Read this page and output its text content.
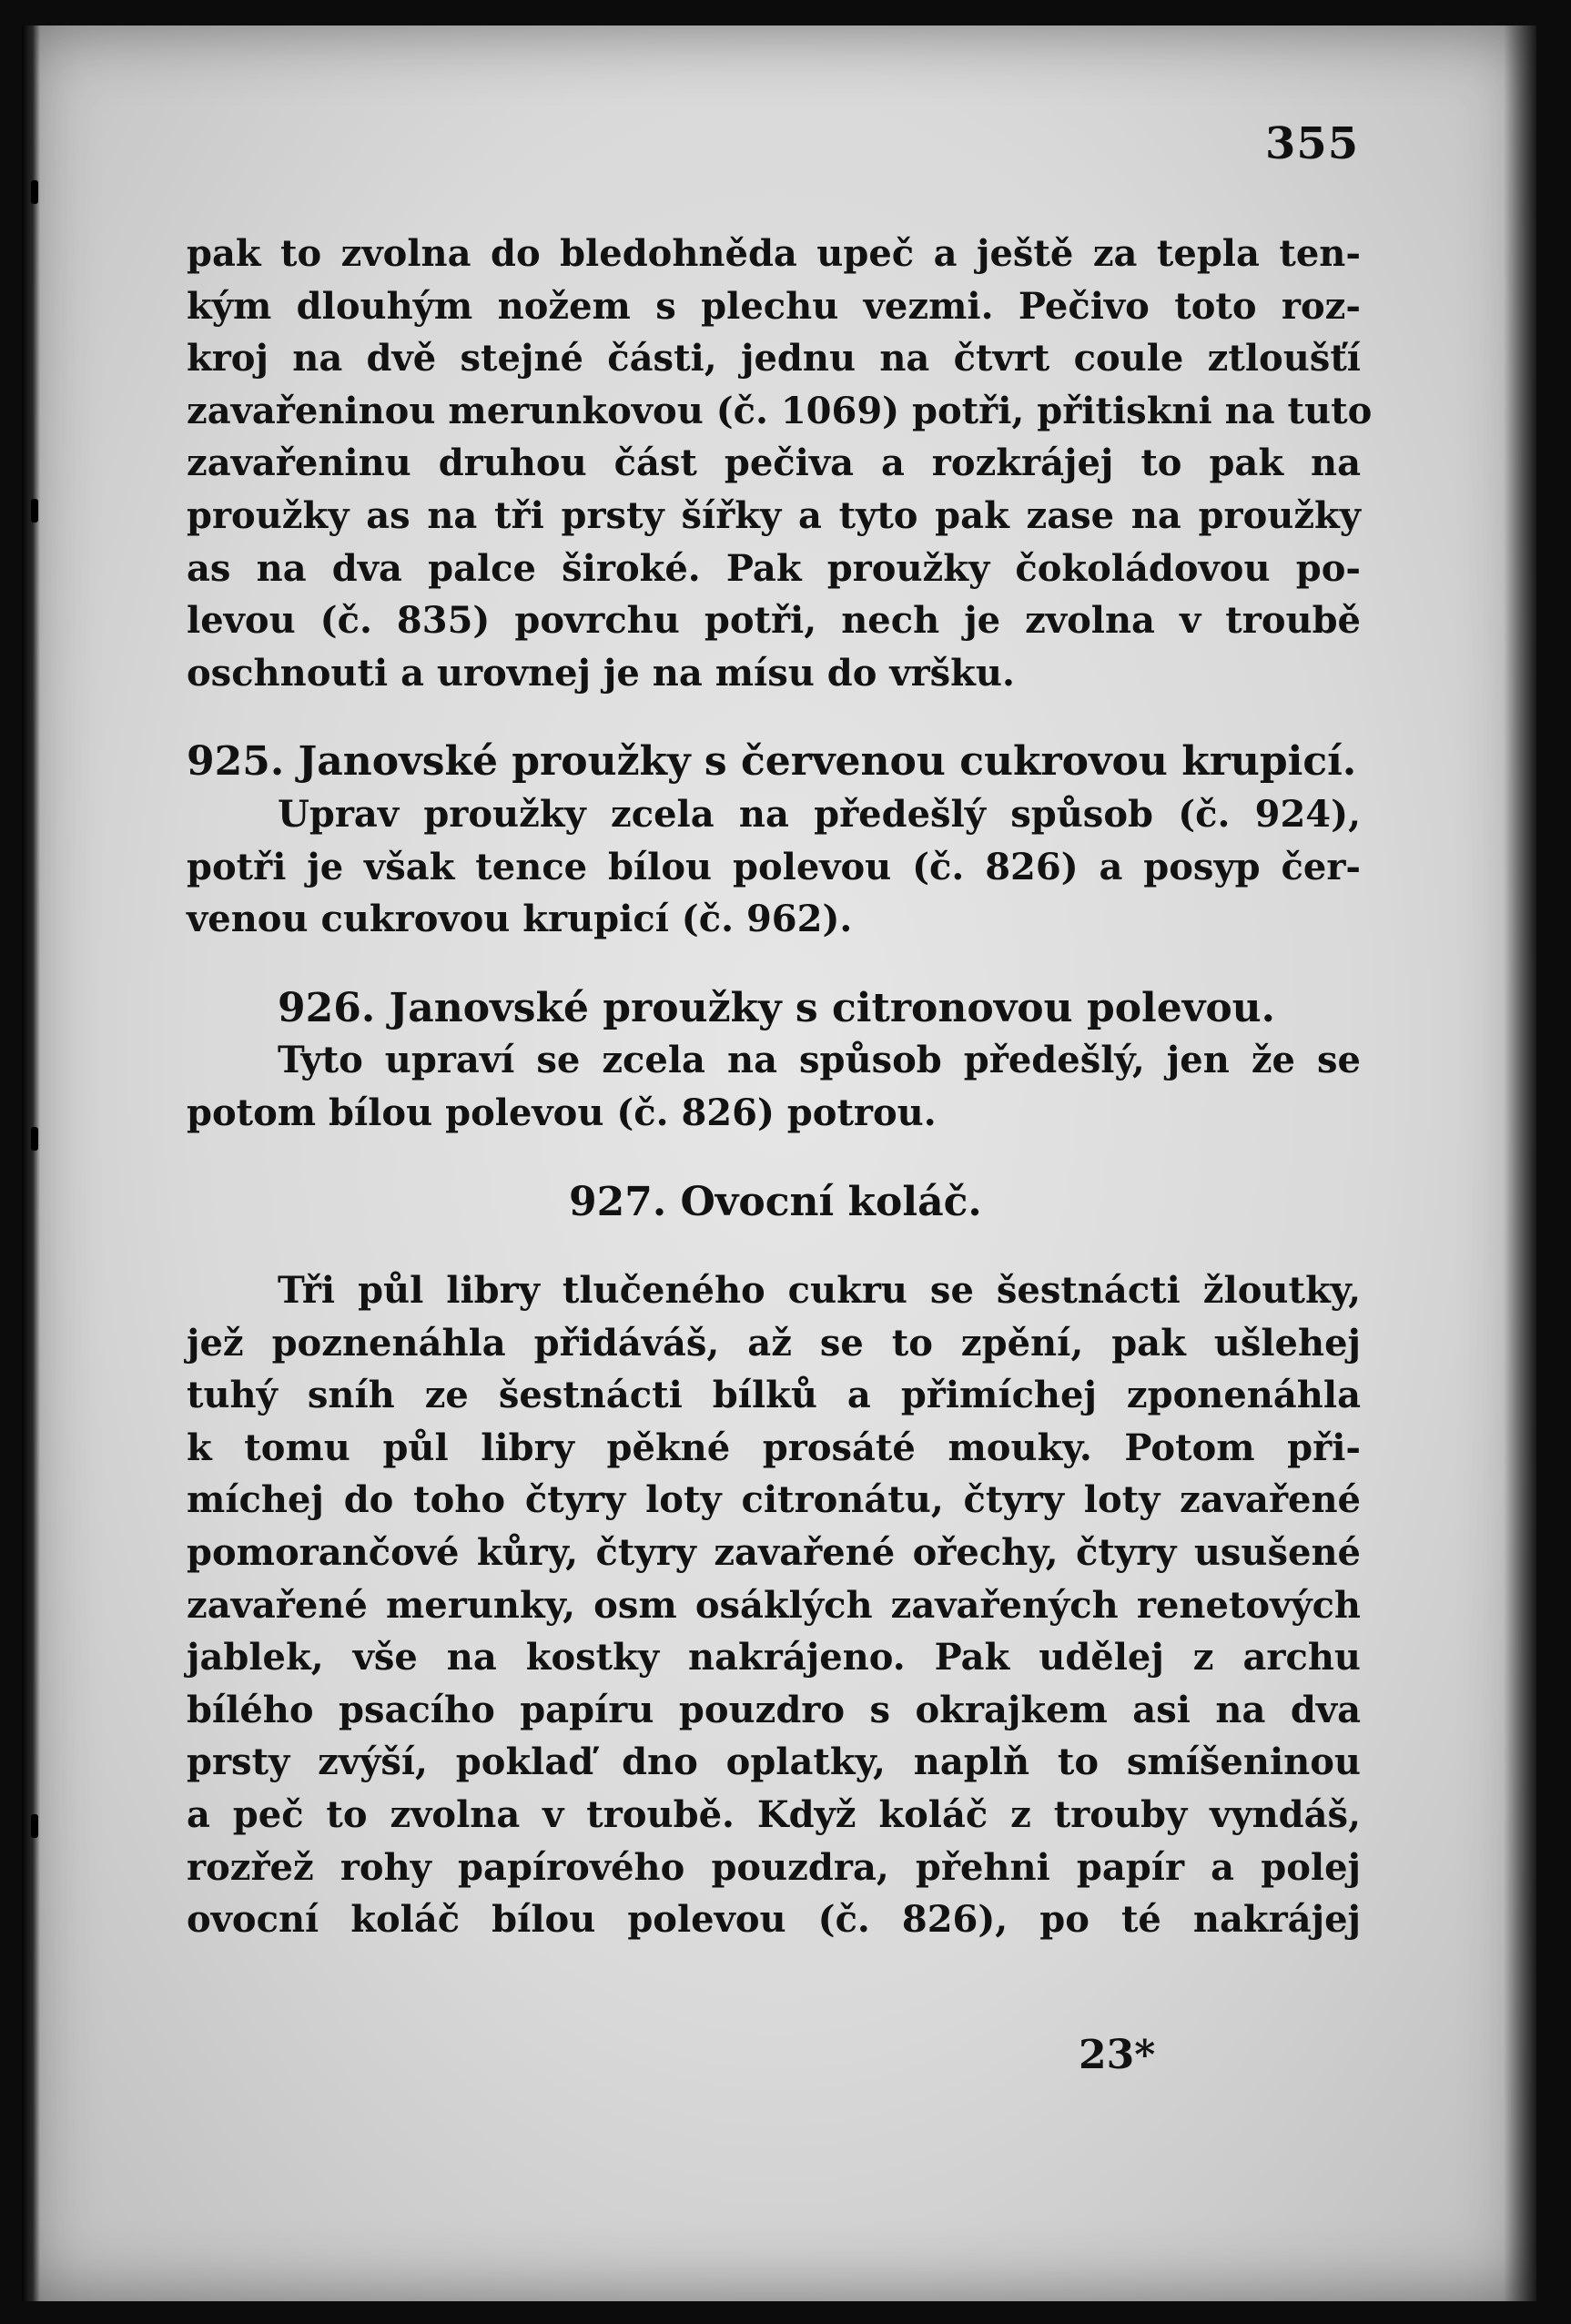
355
pak to zvolna do bledohněda upeč a ještě za tepla ten-
kým dlouhým nožem s plechu vezmi. Pečivo toto roz-
kroj na dvě stejné části, jednu na čtvrt coule ztloušťí
zavařeninou merunkovou (č. 1069) potři, přitiskni na tuto
zavařeninu druhou část pečiva a rozkrájej to pak na
proužky as na tři prsty šířky a tyto pak zase na proužky
as na dva palce široké. Pak proužky čokoládovou po-
levou (č. 835) povrchu potři, nech je zvolna v troubě
oschnouti a urovnej je na mísu do vršku.
925. Janovské proužky s červenou cukrovou krupicí.
Uprav proužky zcela na předešlý spůsob (č. 924),
potři je však tence bílou polevou (č. 826) a posyp čer-
venou cukrovou krupicí (č. 962).
926. Janovské proužky s citronovou polevou.
Tyto upraví se zcela na spůsob předešlý, jen že se
potom bílou polevou (č. 826) potrou.
927. Ovocní koláč.
Tři půl libry tlučeného cukru se šestnácti žloutky,
jež poznenáhla přidáváš, až se to zpění, pak ušlehej
tuhý sníh ze šestnácti bílků a přimíchej zponenáhla
k tomu půl libry pěkné prosáté mouky. Potom při-
míchej do toho čtyry loty citronátu, čtyry loty zavařené
pomorančové kůry, čtyry zavařené ořechy, čtyry usušené
zavařené merunky, osm osáklých zavařených renetových
jablek, vše na kostky nakrájeno. Pak udělej z archu
bílého psacího papíru pouzdro s okrajkem asi na dva
prsty zvýší, poklaď dno oplatky, naplň to smíšeninou
a peč to zvolna v troubě. Když koláč z trouby vyndáš,
rozřež rohy papírového pouzdra, přehni papír a polej
ovocní koláč bílou polevou (č. 826), po té nakrájej
23*
